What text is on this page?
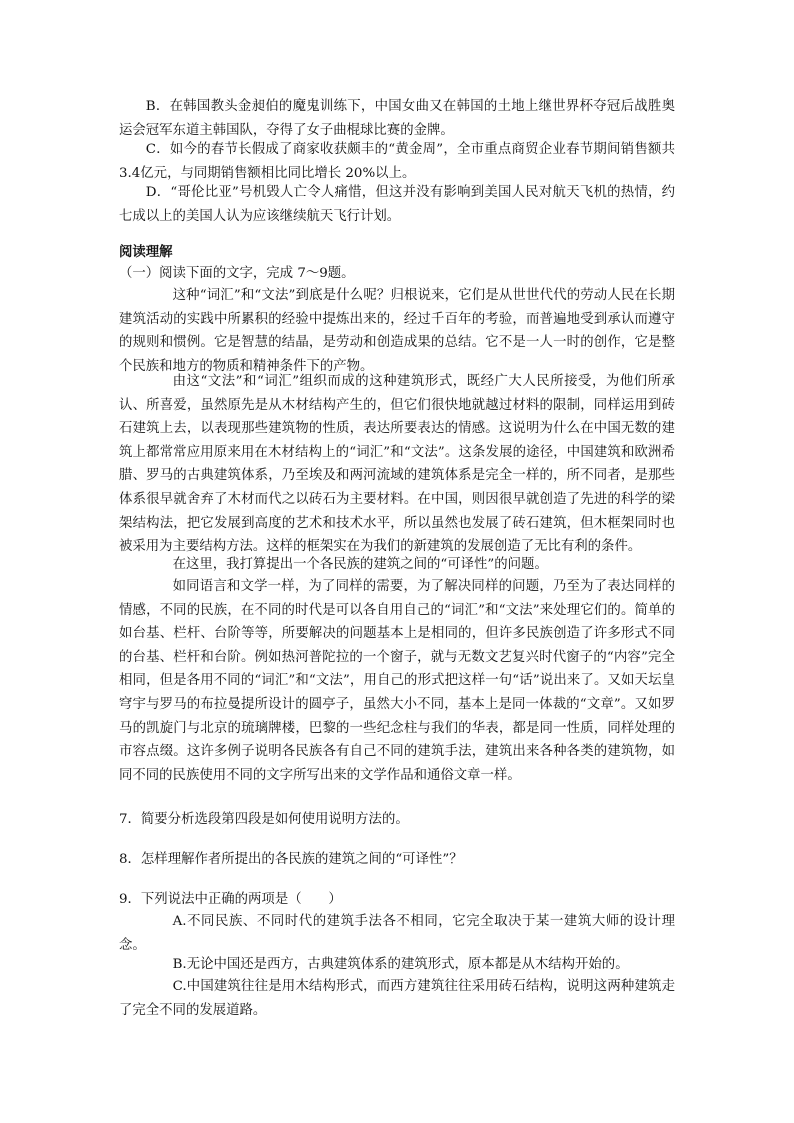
B．在韩国教头金昶伯的魔鬼训练下，中国女曲又在韩国的土地上继世界杯夺冠后战胜奥运会冠军东道主韩国队，夺得了女子曲棍球比赛的金牌。

C．如今的春节长假成了商家收获颇丰的“黄金周”，全市重点商贸企业春节期间销售额共 3.4亿元，与同期销售额相比同比增长 20%以上。

D．“哥伦比亚”号机毁人亡令人痛惜，但这并没有影响到美国人民对航天飞机的热情，约七成以上的美国人认为应该继续航天飞行计划。

阅读理解

（一）阅读下面的文字，完成 7～9题。

这种“词汇”和“文法”到底是什么呢？归根说来，它们是从世世代代的劳动人民在长期建筑活动的实践中所累积的经验中提炼出来的，经过千百年的考验，而普遍地受到承认而遵守的规则和惯例。它是智慧的结晶，是劳动和创造成果的总结。它不是一人一时的创作，它是整个民族和地方的物质和精神条件下的产物。

由这“文法”和“词汇”组织而成的这种建筑形式，既经广大人民所接受，为他们所承认、所喜爱，虽然原先是从木材结构产生的，但它们很快地就越过材料的限制，同样运用到砖石建筑上去，以表现那些建筑物的性质，表达所要表达的情感。这说明为什么在中国无数的建筑上都常常应用原来用在木材结构上的“词汇”和“文法”。这条发展的途径，中国建筑和欧洲希腊、罗马的古典建筑体系，乃至埃及和两河流域的建筑体系是完全一样的，所不同者，是那些体系很早就舍弃了木材而代之以砖石为主要材料。在中国，则因很早就创造了先进的科学的梁架结构法，把它发展到高度的艺术和技术水平，所以虽然也发展了砖石建筑，但木框架同时也被采用为主要结构方法。这样的框架实在为我们的新建筑的发展创造了无比有利的条件。

在这里，我打算提出一个各民族的建筑之间的“可译性”的问题。

如同语言和文学一样，为了同样的需要，为了解决同样的问题，乃至为了表达同样的情感，不同的民族，在不同的时代是可以各自用自己的“词汇”和“文法”来处理它们的。简单的如台基、栏杆、台阶等等，所要解决的问题基本上是相同的，但许多民族创造了许多形式不同的台基、栏杆和台阶。例如热河普陀拉的一个窗子，就与无数文艺复兴时代窗子的“内容”完全相同，但是各用不同的“词汇”和“文法”，用自己的形式把这样一句“话”说出来了。又如天坛皇穹宇与罗马的布拉曼提所设计的圆亭子，虽然大小不同，基本上是同一体裁的“文章”。又如罗马的凯旋门与北京的琉璃牌楼，巴黎的一些纪念柱与我们的华表，都是同一性质，同样处理的市容点缀。这许多例子说明各民族各有自己不同的建筑手法，建筑出来各种各类的建筑物，如同不同的民族使用不同的文字所写出来的文学作品和通俗文章一样。

7．简要分析选段第四段是如何使用说明方法的。

8．怎样理解作者所提出的各民族的建筑之间的“可译性”？

9．下列说法中正确的两项是（　　）

A.不同民族、不同时代的建筑手法各不相同，它完全取决于某一建筑大师的设计理念。

B.无论中国还是西方，古典建筑体系的建筑形式，原本都是从木结构开始的。

C.中国建筑往往是用木结构形式，而西方建筑往往采用砖石结构，说明这两种建筑走了完全不同的发展道路。
